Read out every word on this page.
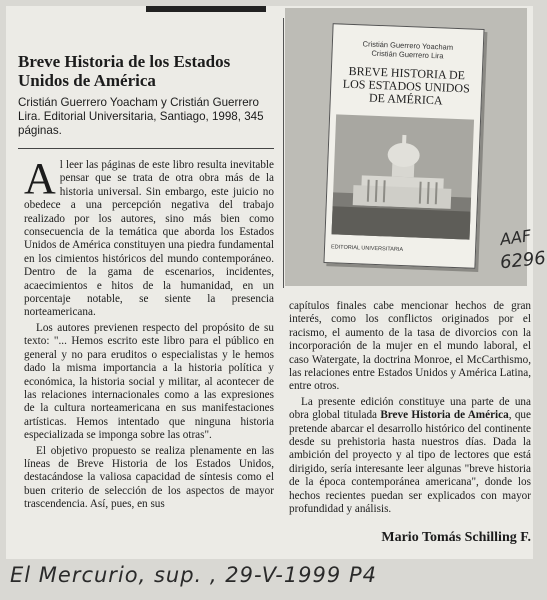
Breve Historia de los Estados Unidos de América
Cristián Guerrero Yoacham y Cristián Guerrero Lira. Editorial Universitaria, Santiago, 1998, 345 páginas.

Al leer las páginas de este libro resulta inevitable pensar que se trata de otra obra más de la historia universal. Sin embargo, este juicio no obedece a una percepción negativa del trabajo realizado por los autores, sino más bien como consecuencia de la temática que aborda los Estados Unidos de América constituyen una piedra fundamental en los cimientos históricos del mundo contemporáneo. Dentro de la gama de escenarios, incidentes, acaecimientos e hitos de la humanidad, en un porcentaje notable, se siente la presencia norteamericana.

Los autores previenen respecto del propósito de su texto: "... Hemos escrito este libro para el público en general y no para eruditos o especialistas y le hemos dado la misma importancia a la historia política y económica, la historia social y militar, al acontecer de las relaciones internacionales como a las expresiones de la cultura norteamericana en sus manifestaciones artísticas. Hemos intentado que ninguna historia especializada se imponga sobre las otras".

El objetivo propuesto se realiza plenamente en las líneas de Breve Historia de los Estados Unidos, destacándose la valiosa capacidad de síntesis como el buen criterio de selección de los aspectos de mayor trascendencia. Así, pues, en sus

capítulos finales cabe mencionar hechos de gran interés, como los conflictos originados por el racismo, el aumento de la tasa de divorcios con la incorporación de la mujer en el mundo laboral, el caso Watergate, la doctrina Monroe, el McCarthismo, las relaciones entre Estados Unidos y América Latina, entre otros.

La presente edición constituye una parte de una obra global titulada Breve Historia de América, que pretende abarcar el desarrollo histórico del continente desde su prehistoria hasta nuestros días. Dada la ambición del proyecto y al tipo de lectores que está dirigido, sería interesante leer algunas "breve historia de la época contemporánea americana", donde los hechos recientes puedan ser explicados con mayor profundidad y análisis.

Mario Tomás Schilling F.
Cristián Guerrero Yoacham
Cristián Guerrero Lira
BREVE HISTORIA DE LOS ESTADOS UNIDOS DE AMÉRICA
EDITORIAL UNIVERSITARIA	AAF
6296
El Mercurio, sup. , 29-V-1999 P4
